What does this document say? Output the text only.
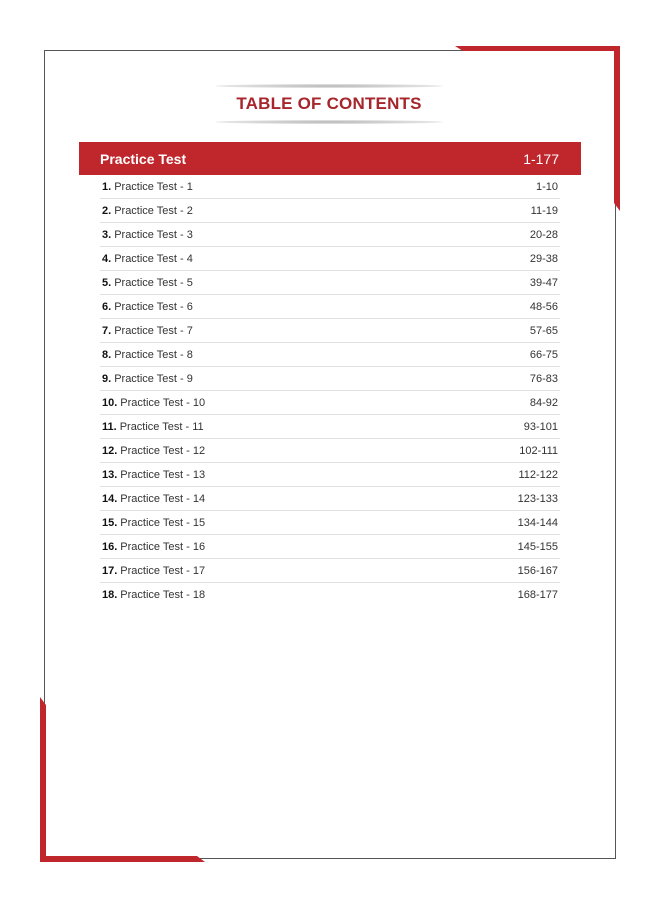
TABLE OF CONTENTS
Practice Test	1-177
1. Practice Test - 1	1-10
2. Practice Test - 2	11-19
3. Practice Test - 3	20-28
4. Practice Test - 4	29-38
5. Practice Test - 5	39-47
6. Practice Test - 6	48-56
7. Practice Test - 7	57-65
8. Practice Test - 8	66-75
9. Practice Test - 9	76-83
10. Practice Test - 10	84-92
11. Practice Test - 11	93-101
12. Practice Test - 12	102-111
13. Practice Test - 13	112-122
14. Practice Test - 14	123-133
15. Practice Test - 15	134-144
16. Practice Test - 16	145-155
17. Practice Test - 17	156-167
18. Practice Test - 18	168-177
